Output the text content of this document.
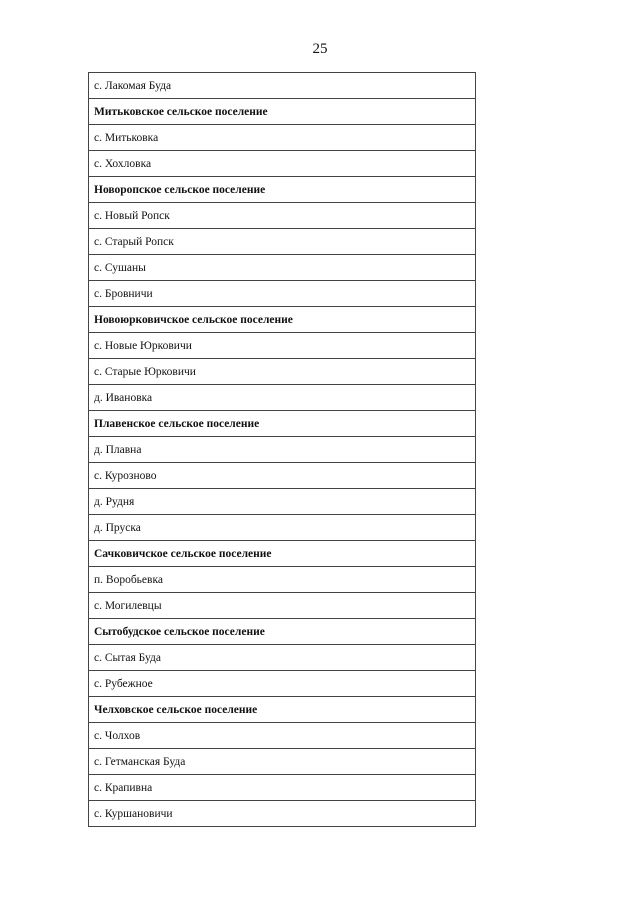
25
с. Лакомая Буда
Митьковское сельское поселение
с. Митьковка
с. Хохловка
Новоропское сельское поселение
с. Новый Ропск
с. Старый Ропск
с. Сушаны
с. Бровничи
Новоюрковичское сельское поселение
с. Новые Юрковичи
с. Старые Юрковичи
д. Ивановка
Плавенское сельское поселение
д. Плавна
с. Курозново
д. Рудня
д. Пруска
Сачковичское сельское поселение
п. Воробьевка
с. Могилевцы
Сытобудское сельское поселение
с. Сытая Буда
с. Рубежное
Челховское сельское поселение
с. Чолхов
с. Гетманская Буда
с. Крапивна
с. Куршановичи
